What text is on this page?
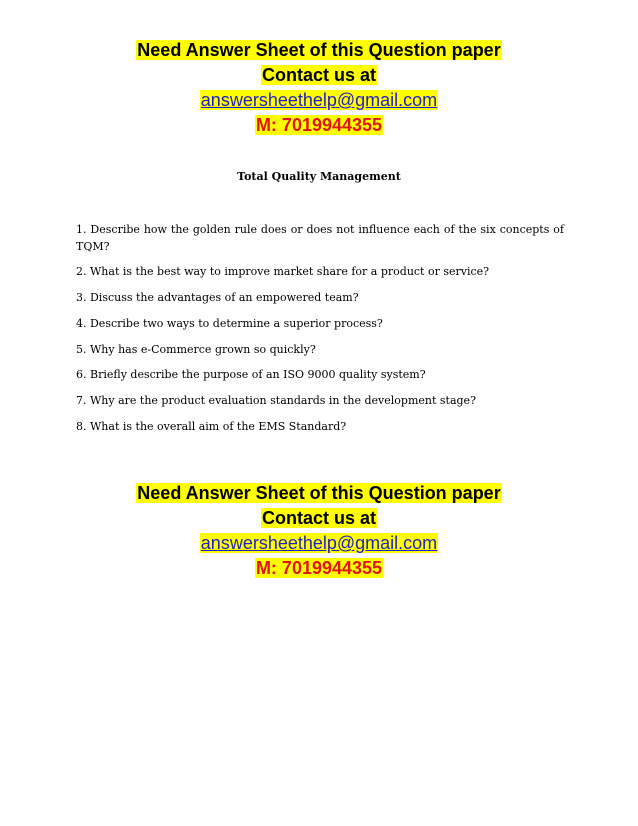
Need Answer Sheet of this Question paper
Contact us at
answersheethelp@gmail.com
M: 7019944355
Total Quality Management

1. Describe how the golden rule does or does not influence each of the six concepts of TQM?

2. What is the best way to improve market share for a product or service?

3. Discuss the advantages of an empowered team?

4. Describe two ways to determine a superior process?

5. Why has e-Commerce grown so quickly?

6. Briefly describe the purpose of an ISO 9000 quality system?

7. Why are the product evaluation standards in the development stage?

8. What is the overall aim of the EMS Standard?

Need Answer Sheet of this Question paper
Contact us at
answersheethelp@gmail.com
M: 7019944355
